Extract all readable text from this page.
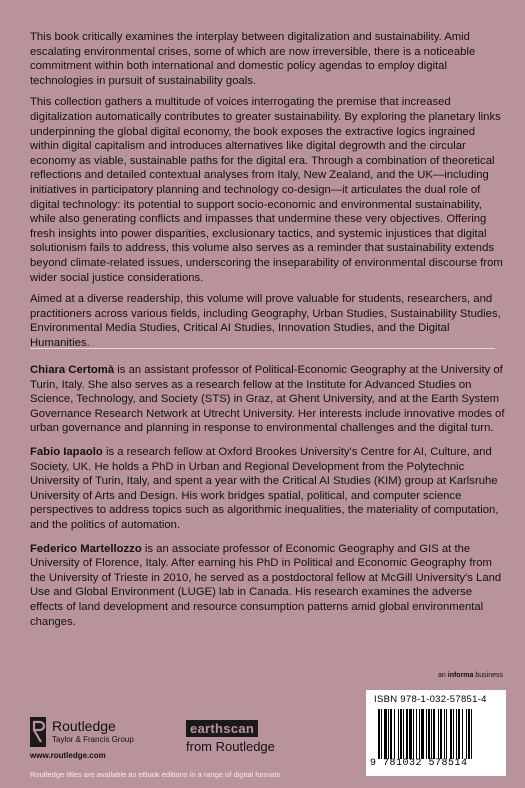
This book critically examines the interplay between digitalization and sustainability. Amid escalating environmental crises, some of which are now irreversible, there is a noticeable commitment within both international and domestic policy agendas to employ digital technologies in pursuit of sustainability goals.

This collection gathers a multitude of voices interrogating the premise that increased digitalization automatically contributes to greater sustainability. By exploring the planetary links underpinning the global digital economy, the book exposes the extractive logics ingrained within digital capitalism and introduces alternatives like digital degrowth and the circular economy as viable, sustainable paths for the digital era. Through a combination of theoretical reflections and detailed contextual analyses from Italy, New Zealand, and the UK—including initiatives in participatory planning and technology co-design—it articulates the dual role of digital technology: its potential to support socio-economic and environmental sustainability, while also generating conflicts and impasses that undermine these very objectives. Offering fresh insights into power disparities, exclusionary tactics, and systemic injustices that digital solutionism fails to address, this volume also serves as a reminder that sustainability extends beyond climate-related issues, underscoring the inseparability of environmental discourse from wider social justice considerations.

Aimed at a diverse readership, this volume will prove valuable for students, researchers, and practitioners across various fields, including Geography, Urban Studies, Sustainability Studies, Environmental Media Studies, Critical AI Studies, Innovation Studies, and the Digital Humanities.

Chiara Certomà is an assistant professor of Political-Economic Geography at the University of Turin, Italy. She also serves as a research fellow at the Institute for Advanced Studies on Science, Technology, and Society (STS) in Graz, at Ghent University, and at the Earth System Governance Research Network at Utrecht University. Her interests include innovative modes of urban governance and planning in response to environmental challenges and the digital turn.

Fabio Iapaolo is a research fellow at Oxford Brookes University's Centre for AI, Culture, and Society, UK. He holds a PhD in Urban and Regional Development from the Polytechnic University of Turin, Italy, and spent a year with the Critical AI Studies (KIM) group at Karlsruhe University of Arts and Design. His work bridges spatial, political, and computer science perspectives to address topics such as algorithmic inequalities, the materiality of computation, and the politics of automation.

Federico Martellozzo is an associate professor of Economic Geography and GIS at the University of Florence, Italy. After earning his PhD in Political and Economic Geography from the University of Trieste in 2010, he served as a postdoctoral fellow at McGill University's Land Use and Global Environment (LUGE) lab in Canada. His research examines the adverse effects of land development and resource consumption patterns amid global environmental changes.

an informa business
ISBN 978-1-032-57851-4
9 781032 578514
Routledge
Taylor & Francis Group
www.routledge.com
earthscan
from Routledge
Routledge titles are available as eBook editions in a range of digital formats
